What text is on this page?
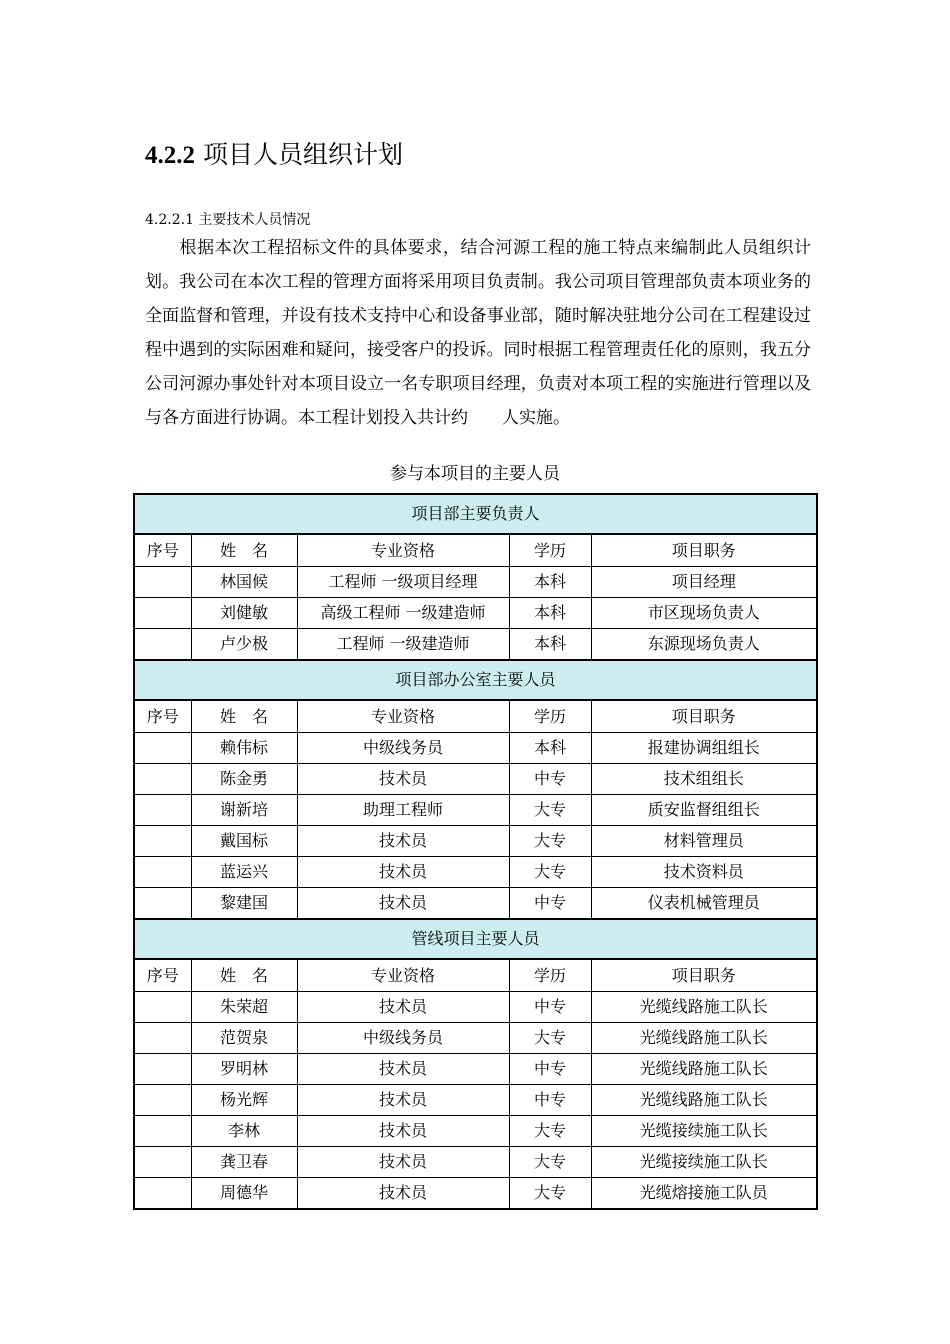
4.2.2 项目人员组织计划
4.2.2.1 主要技术人员情况
根据本次工程招标文件的具体要求，结合河源工程的施工特点来编制此人员组织计划。我公司在本次工程的管理方面将采用项目负责制。我公司项目管理部负责本项业务的全面监督和管理，并设有技术支持中心和设备事业部，随时解决驻地分公司在工程建设过程中遇到的实际困难和疑问，接受客户的投诉。同时根据工程管理责任化的原则，我五分公司河源办事处针对本项目设立一名专职项目经理，负责对本项工程的实施进行管理以及与各方面进行协调。本工程计划投入共计约　　人实施。
参与本项目的主要人员
项目部主要负责人				
序号	姓　名	专业资格	学历	项目职务
	林国候	工程师 一级项目经理	本科	项目经理
	刘健敏	高级工程师 一级建造师	本科	市区现场负责人
	卢少极	工程师 一级建造师	本科	东源现场负责人
项目部办公室主要人员				
序号	姓　名	专业资格	学历	项目职务
	赖伟标	中级线务员	本科	报建协调组组长
	陈金勇	技术员	中专	技术组组长
	谢新培	助理工程师	大专	质安监督组组长
	戴国标	技术员	大专	材料管理员
	蓝运兴	技术员	大专	技术资料员
	黎建国	技术员	中专	仪表机械管理员
管线项目主要人员				
序号	姓　名	专业资格	学历	项目职务
	朱荣超	技术员	中专	光缆线路施工队长
	范贺泉	中级线务员	大专	光缆线路施工队长
	罗明林	技术员	中专	光缆线路施工队长
	杨光辉	技术员	中专	光缆线路施工队长
	李林	技术员	大专	光缆接续施工队长
	龚卫春	技术员	大专	光缆接续施工队长
	周德华	技术员	大专	光缆熔接施工队员
